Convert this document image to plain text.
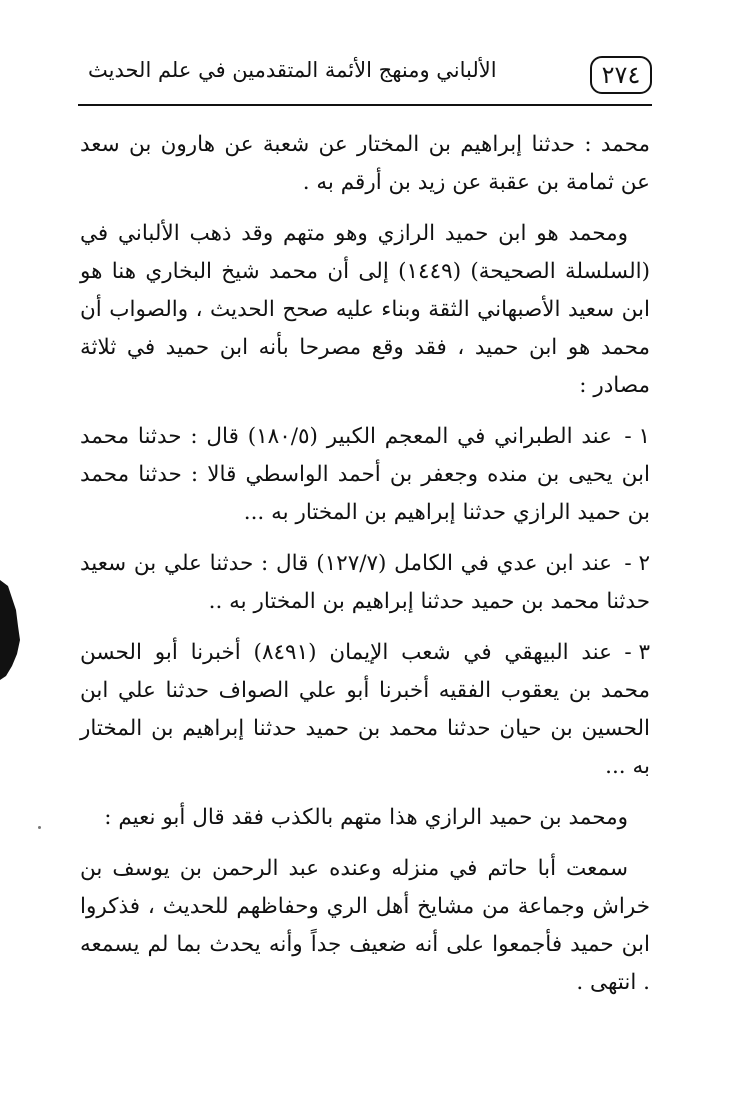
٢٧٤
الألباني ومنهج الأئمة المتقدمين في علم الحديث

محمد : حدثنا إبراهيم بن المختار عن شعبة عن هارون بن سعد عن ثمامة بن عقبة عن زيد بن أرقم به .

ومحمد هو ابن حميد الرازي وهو متهم وقد ذهب الألباني في (السلسلة الصحيحة) (١٤٤٩) إلى أن محمد شيخ البخاري هنا هو ابن سعيد الأصبهاني الثقة وبناء عليه صحح الحديث ، والصواب أن محمد هو ابن حميد ، فقد وقع مصرحا بأنه ابن حميد في ثلاثة مصادر :

١ -عند الطبراني في المعجم الكبير (١٨٠/٥) قال : حدثنا محمد ابن يحيى بن منده وجعفر بن أحمد الواسطي قالا : حدثنا محمد بن حميد الرازي حدثنا إبراهيم بن المختار به ...

٢ -عند ابن عدي في الكامل (١٢٧/٧) قال : حدثنا علي بن سعيد حدثنا محمد بن حميد حدثنا إبراهيم بن المختار به ..

٣ -عند البيهقي في شعب الإيمان (٨٤٩١) أخبرنا أبو الحسن محمد بن يعقوب الفقيه أخبرنا أبو علي الصواف حدثنا علي ابن الحسين بن حيان حدثنا محمد بن حميد حدثنا إبراهيم بن المختار به ...

ومحمد بن حميد الرازي هذا متهم بالكذب فقد قال أبو نعيم :

سمعت أبا حاتم في منزله وعنده عبد الرحمن بن يوسف بن خراش وجماعة من مشايخ أهل الري وحفاظهم للحديث ، فذكروا ابن حميد فأجمعوا على أنه ضعيف جداً وأنه يحدث بما لم يسمعه . انتهى .
